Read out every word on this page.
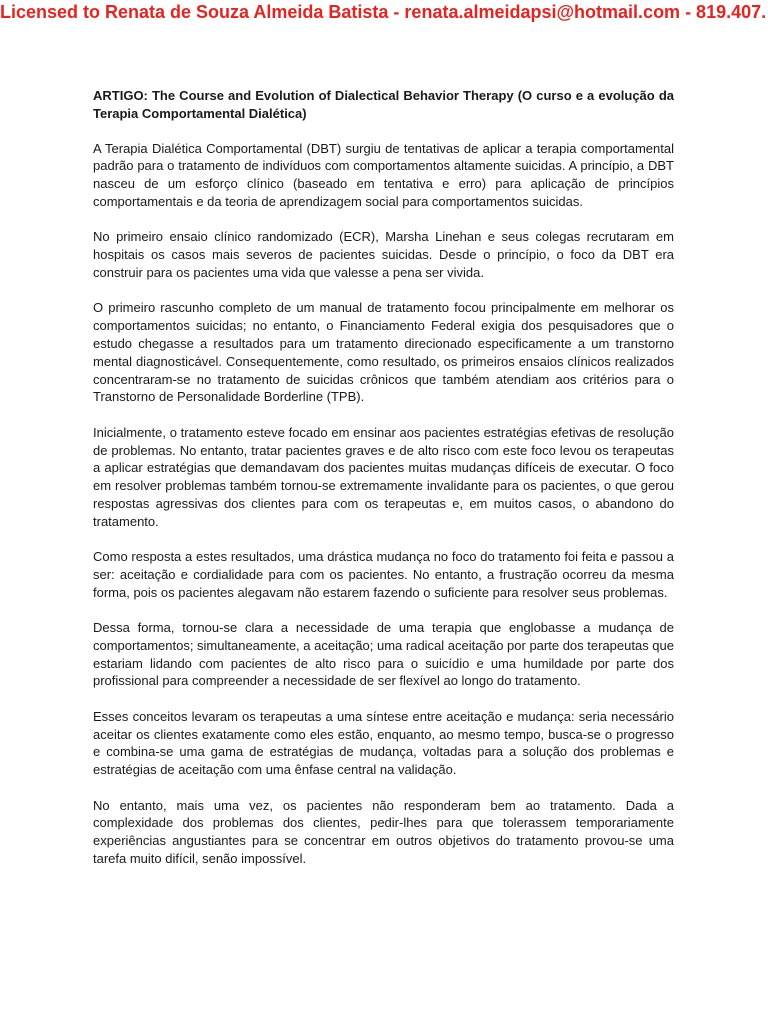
Licensed to Renata de Souza Almeida Batista - renata.almeidapsi@hotmail.com - 819.407.

ARTIGO: The Course and Evolution of Dialectical Behavior Therapy (O curso e a evolução da Terapia Comportamental Dialética)

A Terapia Dialética Comportamental (DBT) surgiu de tentativas de aplicar a terapia comportamental padrão para o tratamento de indivíduos com comportamentos altamente suicidas. A princípio, a DBT nasceu de um esforço clínico (baseado em tentativa e erro) para aplicação de princípios comportamentais e da teoria de aprendizagem social para comportamentos suicidas.

No primeiro ensaio clínico randomizado (ECR), Marsha Linehan e seus colegas recrutaram em hospitais os casos mais severos de pacientes suicidas. Desde o princípio, o foco da DBT era construir para os pacientes uma vida que valesse a pena ser vivida.

O primeiro rascunho completo de um manual de tratamento focou principalmente em melhorar os comportamentos suicidas; no entanto, o Financiamento Federal exigia dos pesquisadores que o estudo chegasse a resultados para um tratamento direcionado especificamente a um transtorno mental diagnosticável. Consequentemente, como resultado, os primeiros ensaios clínicos realizados concentraram-se no tratamento de suicidas crônicos que também atendiam aos critérios para o Transtorno de Personalidade Borderline (TPB).

Inicialmente, o tratamento esteve focado em ensinar aos pacientes estratégias efetivas de resolução de problemas. No entanto, tratar pacientes graves e de alto risco com este foco levou os terapeutas a aplicar estratégias que demandavam dos pacientes muitas mudanças difíceis de executar. O foco em resolver problemas também tornou-se extremamente invalidante para os pacientes, o que gerou respostas agressivas dos clientes para com os terapeutas e, em muitos casos, o abandono do tratamento.

Como resposta a estes resultados, uma drástica mudança no foco do tratamento foi feita e passou a ser: aceitação e cordialidade para com os pacientes. No entanto, a frustração ocorreu da mesma forma, pois os pacientes alegavam não estarem fazendo o suficiente para resolver seus problemas.

Dessa forma, tornou-se clara a necessidade de uma terapia que englobasse a mudança de comportamentos; simultaneamente, a aceitação; uma radical aceitação por parte dos terapeutas que estariam lidando com pacientes de alto risco para o suicídio e uma humildade por parte dos profissional para compreender a necessidade de ser flexível ao longo do tratamento.

Esses conceitos levaram os terapeutas a uma síntese entre aceitação e mudança: seria necessário aceitar os clientes exatamente como eles estão, enquanto, ao mesmo tempo, busca-se o progresso e combina-se uma gama de estratégias de mudança, voltadas para a solução dos problemas e estratégias de aceitação com uma ênfase central na validação.

No entanto, mais uma vez, os pacientes não responderam bem ao tratamento. Dada a complexidade dos problemas dos clientes, pedir-lhes para que tolerassem temporariamente experiências angustiantes para se concentrar em outros objetivos do tratamento provou-se uma tarefa muito difícil, senão impossível.
